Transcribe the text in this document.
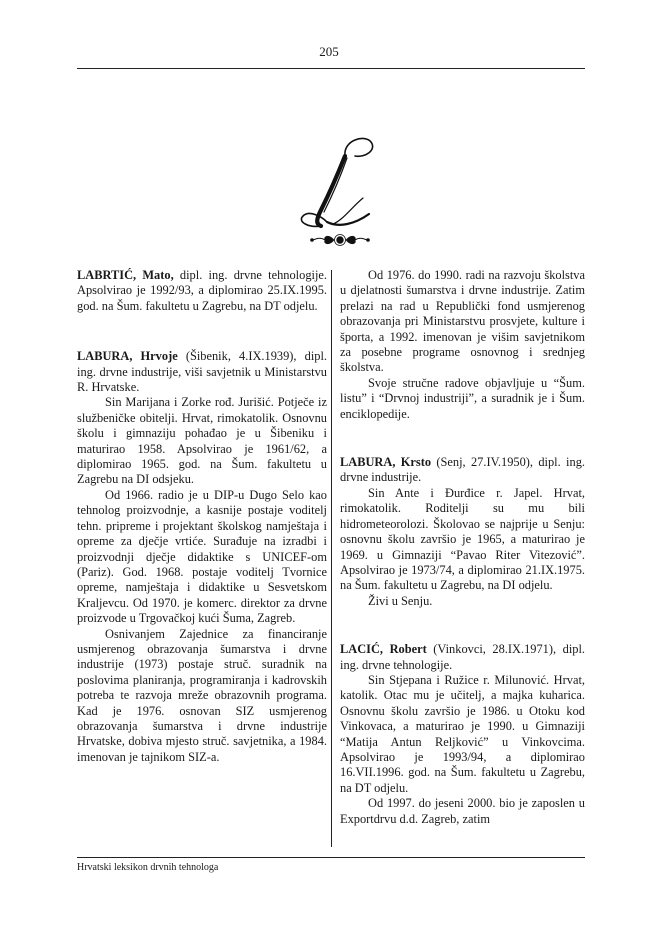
205

LABRTIĆ, Mato, dipl. ing. drvne tehnologije. Apsolvirao je 1992/93, a diplomirao 25.IX.1995. god. na Šum. fakultetu u Zagrebu, na DT odjelu.

LABURA, Hrvoje (Šibenik, 4.IX.1939), dipl. ing. drvne industrije, viši savjetnik u Ministarstvu R. Hrvatske.

Sin Marijana i Zorke rođ. Jurišić. Potječe iz službeničke obitelji. Hrvat, rimokatolik. Osnovnu školu i gimnaziju pohađao je u Šibeniku i maturirao 1958. Apsolvirao je 1961/62, a diplomirao 1965. god. na Šum. fakultetu u Zagrebu na DI odsjeku.

Od 1966. radio je u DIP-u Dugo Selo kao tehnolog proizvodnje, a kasnije postaje voditelj tehn. pripreme i projektant školskog namještaja i opreme za dječje vrtiće. Surađuje na izradbi i proizvodnji dječje didaktike s UNICEF-om (Pariz). God. 1968. postaje voditelj Tvornice opreme, namještaja i didaktike u Sesvetskom Kraljevcu. Od 1970. je komerc. direktor za drvne proizvode u Trgovačkoj kući Šuma, Zagreb.

Osnivanjem Zajednice za financiranje usmjerenog obrazovanja šumarstva i drvne industrije (1973) postaje struč. suradnik na poslovima planiranja, programiranja i kadrovskih potreba te razvoja mreže obrazovnih programa. Kad je 1976. osnovan SIZ usmjerenog obrazovanja šumarstva i drvne industrije Hrvatske, dobiva mjesto struč. savjetnika, a 1984. imenovan je tajnikom SIZ-a.

Od 1976. do 1990. radi na razvoju školstva u djelatnosti šumarstva i drvne industrije. Zatim prelazi na rad u Republički fond usmjerenog obrazovanja pri Ministarstvu prosvjete, kulture i športa, a 1992. imenovan je višim savjetnikom za posebne programe osnovnog i srednjeg školstva.

Svoje stručne radove objavljuje u “Šum. listu” i “Drvnoj industriji”, a suradnik je i Šum. enciklopedije.

LABURA, Krsto (Senj, 27.IV.1950), dipl. ing. drvne industrije.

Sin Ante i Đurđice r. Japel. Hrvat, rimokatolik. Roditelji su mu bili hidrometeorolozi. Školovao se najprije u Senju: osnovnu školu završio je 1965, a maturirao je 1969. u Gimnaziji “Pavao Riter Vitezović”. Apsolvirao je 1973/74, a diplomirao 21.IX.1975. na Šum. fakultetu u Zagrebu, na DI odjelu.

Živi u Senju.

LACIĆ, Robert (Vinkovci, 28.IX.1971), dipl. ing. drvne tehnologije.

Sin Stjepana i Ružice r. Milunović. Hrvat, katolik. Otac mu je učitelj, a majka kuharica. Osnovnu školu završio je 1986. u Otoku kod Vinkovaca, a maturirao je 1990. u Gimnaziji “Matija Antun Reljković” u Vinkovcima. Apsolvirao je 1993/94, a diplomirao 16.VII.1996. god. na Šum. fakultetu u Zagrebu, na DT odjelu.

Od 1997. do jeseni 2000. bio je zaposlen u Exportdrvu d.d. Zagreb, zatim

Hrvatski leksikon drvnih tehnologa
